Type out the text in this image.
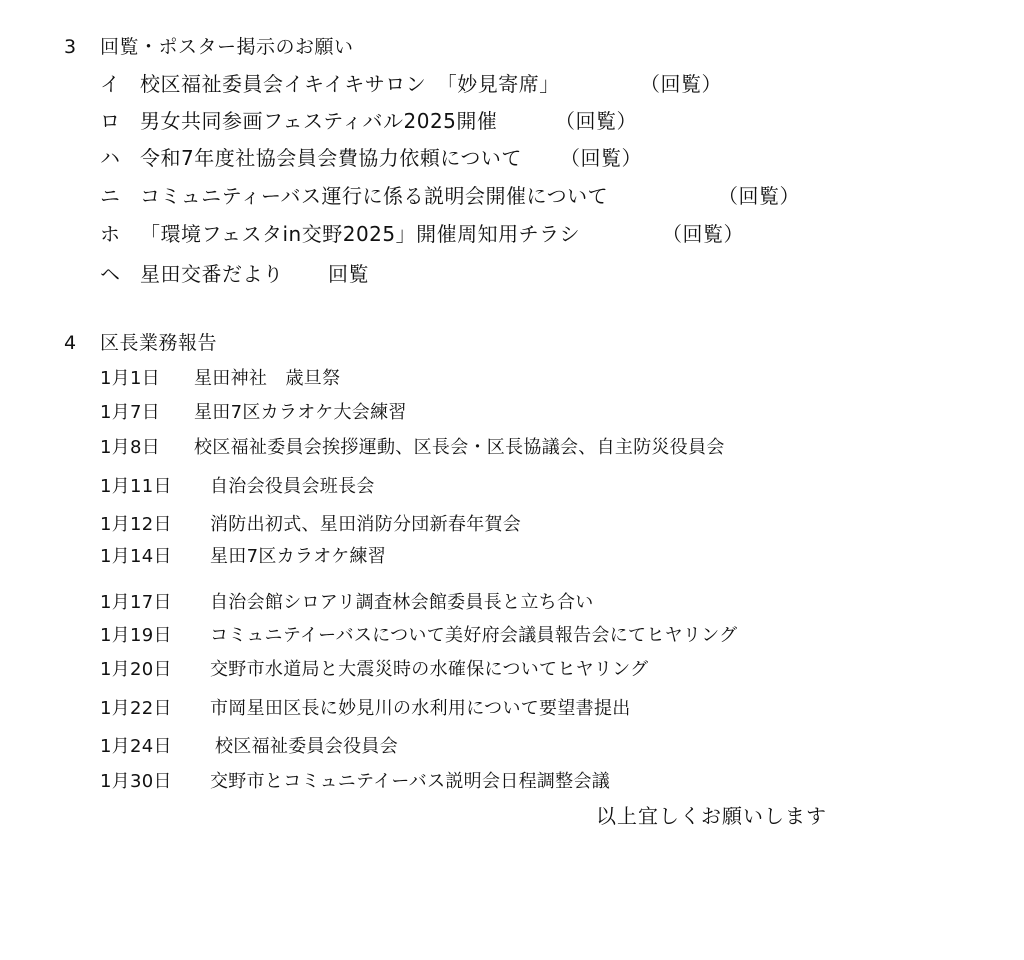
3 回覧・ポスター掲示のお願い
イ 校区福祉委員会イキイキサロン　「妙見寄席」	（回覧）
ロ 男女共同参画フェスティバル2025開催	（回覧）
ハ 令和7年度社協会員会費協力依頼について （回覧）
ニ コミュニティーバス運行に係る説明会開催について	（回覧）
ホ 「環境フェスタin交野2025」開催周知用チラシ	（回覧）
ヘ 星田交番だより 回覧
4 区長業務報告
1月1日 星田神社　歳旦祭
1月7日 星田7区カラオケ大会練習
1月8日 校区福祉委員会挨拶運動、区長会・区長協議会、自主防災役員会
1月11日 自治会役員会班長会
1月12日 消防出初式、星田消防分団新春年賀会
1月14日 星田7区カラオケ練習
1月17日 自治会館シロアリ調査林会館委員長と立ち合い
1月19日 コミュニテイーバスについて美好府会議員報告会にてヒヤリング
1月20日 交野市水道局と大震災時の水確保についてヒヤリング
1月22日 市岡星田区長に妙見川の水利用について要望書提出
1月24日 校区福祉委員会役員会
1月30日 交野市とコミュニテイーバス説明会日程調整会議
以上宜しくお願いします
